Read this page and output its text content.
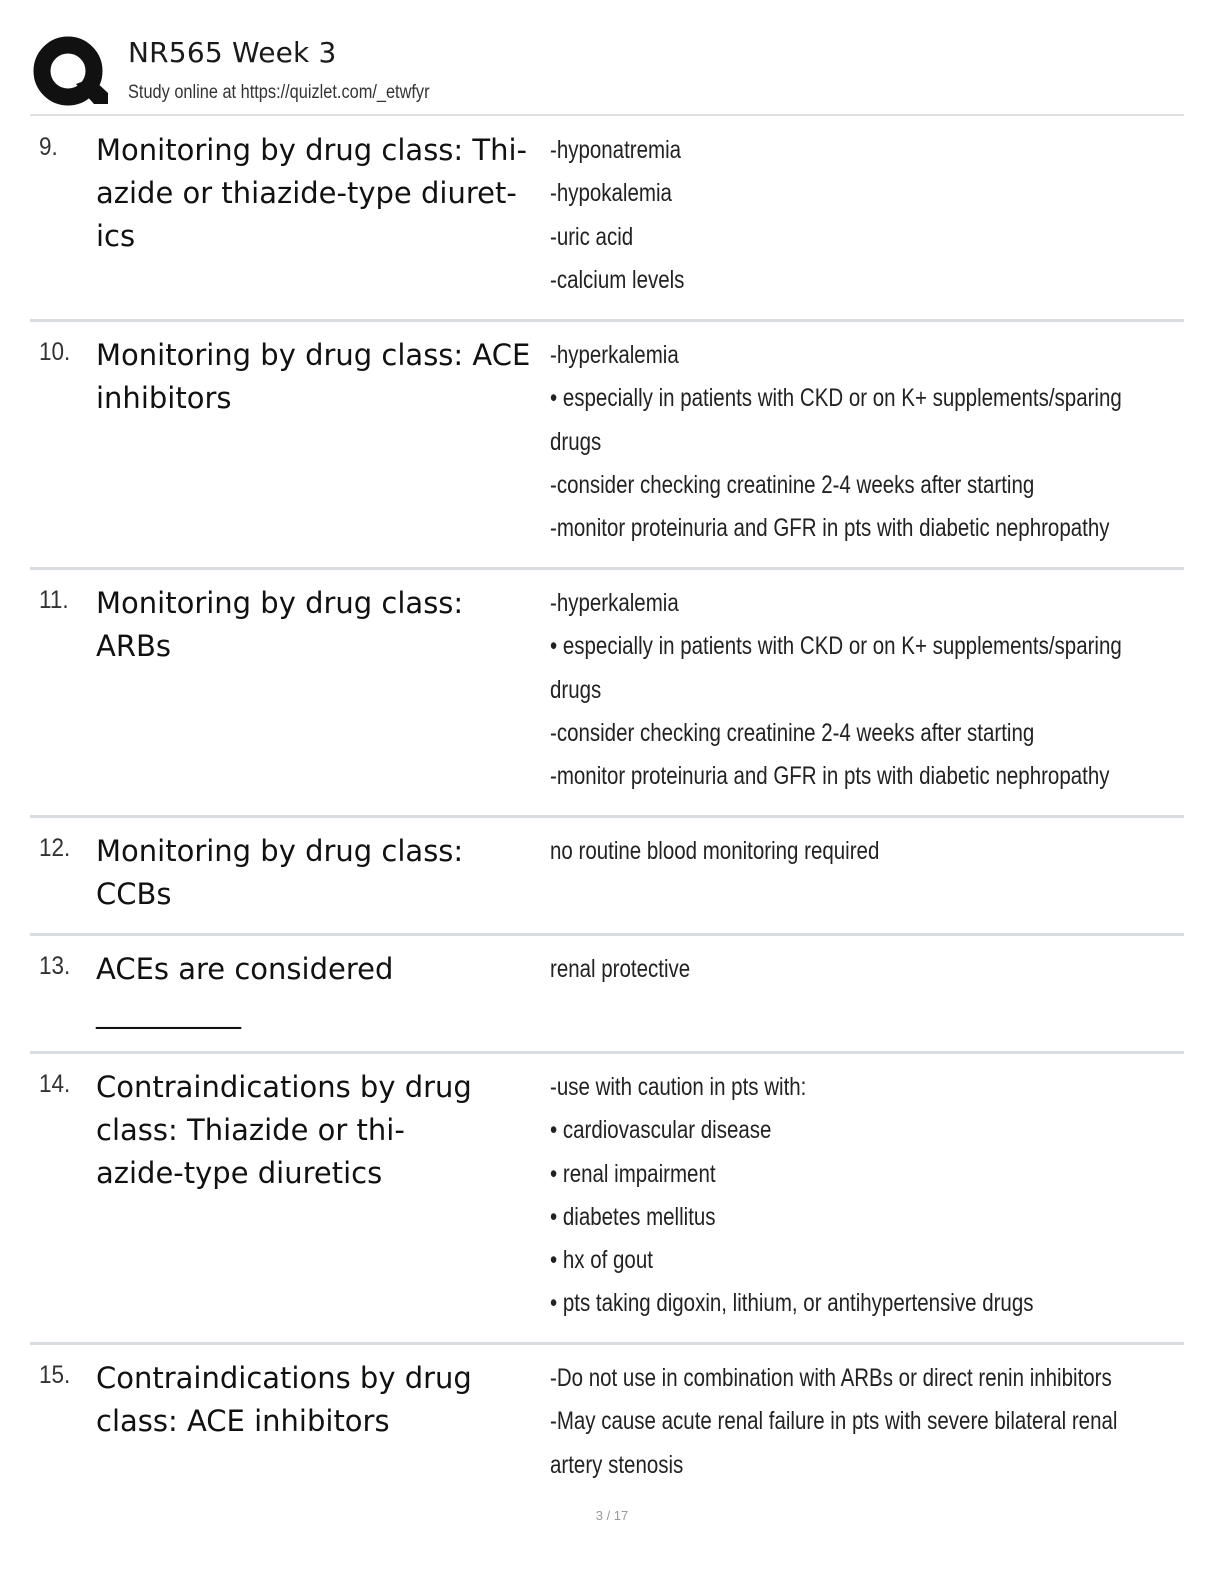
NR565 Week 3
Study online at https://quizlet.com/_etwfyr
9. Monitoring by drug class: Thi-
azide or thiazide-type diuret-
ics
-hyponatremia
-hypokalemia
-uric acid
-calcium levels
10. Monitoring by drug class: ACE
inhibitors
-hyperkalemia
• especially in patients with CKD or on K+ supplements/sparing
drugs
-consider checking creatinine 2-4 weeks after starting
-monitor proteinuria and GFR in pts with diabetic nephropathy
11. Monitoring by drug class:
ARBs
-hyperkalemia
• especially in patients with CKD or on K+ supplements/sparing
drugs
-consider checking creatinine 2-4 weeks after starting
-monitor proteinuria and GFR in pts with diabetic nephropathy
12. Monitoring by drug class:
CCBs
no routine blood monitoring required
13. ACEs are considered
__________
renal protective
14. Contraindications by drug
class: Thiazide or thi-
azide-type diuretics
-use with caution in pts with:
• cardiovascular disease
• renal impairment
• diabetes mellitus
• hx of gout
• pts taking digoxin, lithium, or antihypertensive drugs
15. Contraindications by drug
class: ACE inhibitors
-Do not use in combination with ARBs or direct renin inhibitors
-May cause acute renal failure in pts with severe bilateral renal
artery stenosis
3 / 17
